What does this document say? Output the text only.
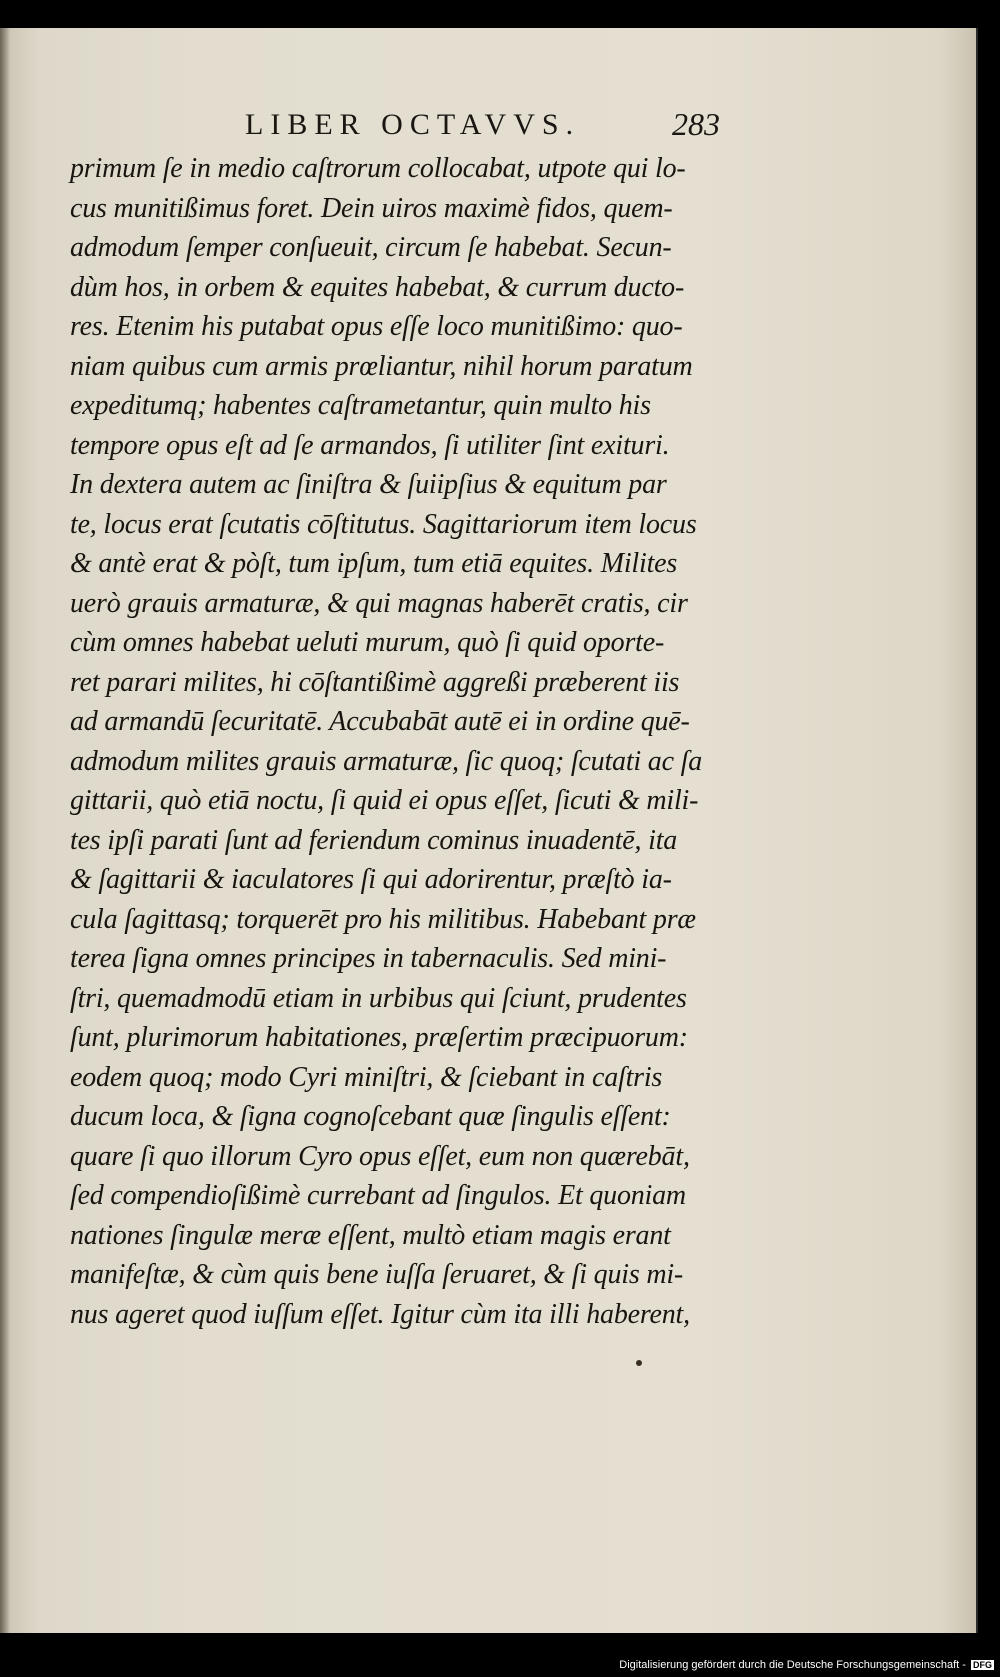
LIBER OCTAVVS.	283
primum ſe in medio caſtrorum collocabat, utpote qui lo-
cus munitißimus foret. Dein uiros maximè fidos, quem-
admodum ſemper conſueuit, circum ſe habebat. Secun-
dùm hos, in orbem & equites habebat, & currum ducto-
res. Etenim his putabat opus eſſe loco munitißimo: quo-
niam quibus cum armis prœliantur, nihil horum paratum
expeditumq; habentes caſtrametantur, quin multo his
tempore opus eſt ad ſe armandos, ſi utiliter ſint exituri.
In dextera autem ac ſiniſtra & ſuiipſius & equitum par
te, locus erat ſcutatis cōſtitutus. Sagittariorum item locus
& antè erat & pòſt, tum ipſum, tum etiā equites. Milites
uerò grauis armaturæ, & qui magnas haberēt cratis, cir
cùm omnes habebat ueluti murum, quò ſi quid oporte-
ret parari milites, hi cōſtantißimè aggreßi præberent iis
ad armandū ſecuritatē. Accubabāt autē ei in ordine quē-
admodum milites grauis armaturæ, ſic quoq; ſcutati ac ſa
gittarii, quò etiā noctu, ſi quid ei opus eſſet, ſicuti & mili-
tes ipſi parati ſunt ad feriendum cominus inuadentē, ita
& ſagittarii & iaculatores ſi qui adorirentur, præſtò ia-
cula ſagittasq; torquerēt pro his militibus. Habebant præ
terea ſigna omnes principes in tabernaculis. Sed mini-
ſtri, quemadmodū etiam in urbibus qui ſciunt, prudentes
ſunt, plurimorum habitationes, præſertim præcipuorum:
eodem quoq; modo Cyri miniſtri, & ſciebant in caſtris
ducum loca, & ſigna cognoſcebant quæ ſingulis eſſent:
quare ſi quo illorum Cyro opus eſſet, eum non quærebāt,
ſed compendioſißimè currebant ad ſingulos. Et quoniam
nationes ſingulæ meræ eſſent, multò etiam magis erant
manifeſtæ, & cùm quis bene iuſſa ſeruaret, & ſi quis mi-
nus ageret quod iuſſum eſſet. Igitur cùm ita illi haberent,
Digitalisierung gefördert durch die Deutsche Forschungsgemeinschaft - DFG
